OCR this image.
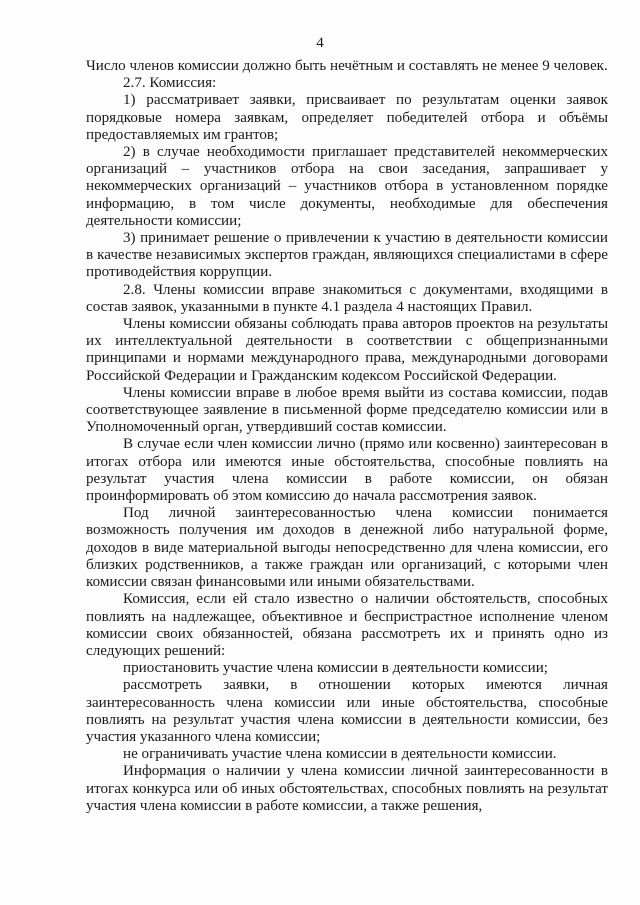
4

Число членов комиссии должно быть нечётным и составлять не менее 9 человек.

2.7. Комиссия:

1) рассматривает заявки, присваивает по результатам оценки заявок порядковые номера заявкам, определяет победителей отбора и объёмы предоставляемых им грантов;

2) в случае необходимости приглашает представителей некоммерческих организаций – участников отбора на свои заседания, запрашивает у некоммерческих организаций – участников отбора в установленном порядке информацию, в том числе документы, необходимые для обеспечения деятельности комиссии;

3) принимает решение о привлечении к участию в деятельности комиссии в качестве независимых экспертов граждан, являющихся специалистами в сфере противодействия коррупции.

2.8. Члены комиссии вправе знакомиться с документами, входящими в состав заявок, указанными в пункте 4.1 раздела 4 настоящих Правил.

Члены комиссии обязаны соблюдать права авторов проектов на результаты их интеллектуальной деятельности в соответствии с общепризнанными принципами и нормами международного права, международными договорами Российской Федерации и Гражданским кодексом Российской Федерации.

Члены комиссии вправе в любое время выйти из состава комиссии, подав соответствующее заявление в письменной форме председателю комиссии или в Уполномоченный орган, утвердивший состав комиссии.

В случае если член комиссии лично (прямо или косвенно) заинтересован в итогах отбора или имеются иные обстоятельства, способные повлиять на результат участия члена комиссии в работе комиссии, он обязан проинформировать об этом комиссию до начала рассмотрения заявок.

Под личной заинтересованностью члена комиссии понимается возможность получения им доходов в денежной либо натуральной форме, доходов в виде материальной выгоды непосредственно для члена комиссии, его близких родственников, а также граждан или организаций, с которыми член комиссии связан финансовыми или иными обязательствами.

Комиссия, если ей стало известно о наличии обстоятельств, способных повлиять на надлежащее, объективное и беспристрастное исполнение членом комиссии своих обязанностей, обязана рассмотреть их и принять одно из следующих решений:

приостановить участие члена комиссии в деятельности комиссии;

рассмотреть заявки, в отношении которых имеются личная заинтересованность члена комиссии или иные обстоятельства, способные повлиять на результат участия члена комиссии в деятельности комиссии, без участия указанного члена комиссии;

не ограничивать участие члена комиссии в деятельности комиссии.

Информация о наличии у члена комиссии личной заинтересованности в итогах конкурса или об иных обстоятельствах, способных повлиять на результат участия члена комиссии в работе комиссии, а также решения,
